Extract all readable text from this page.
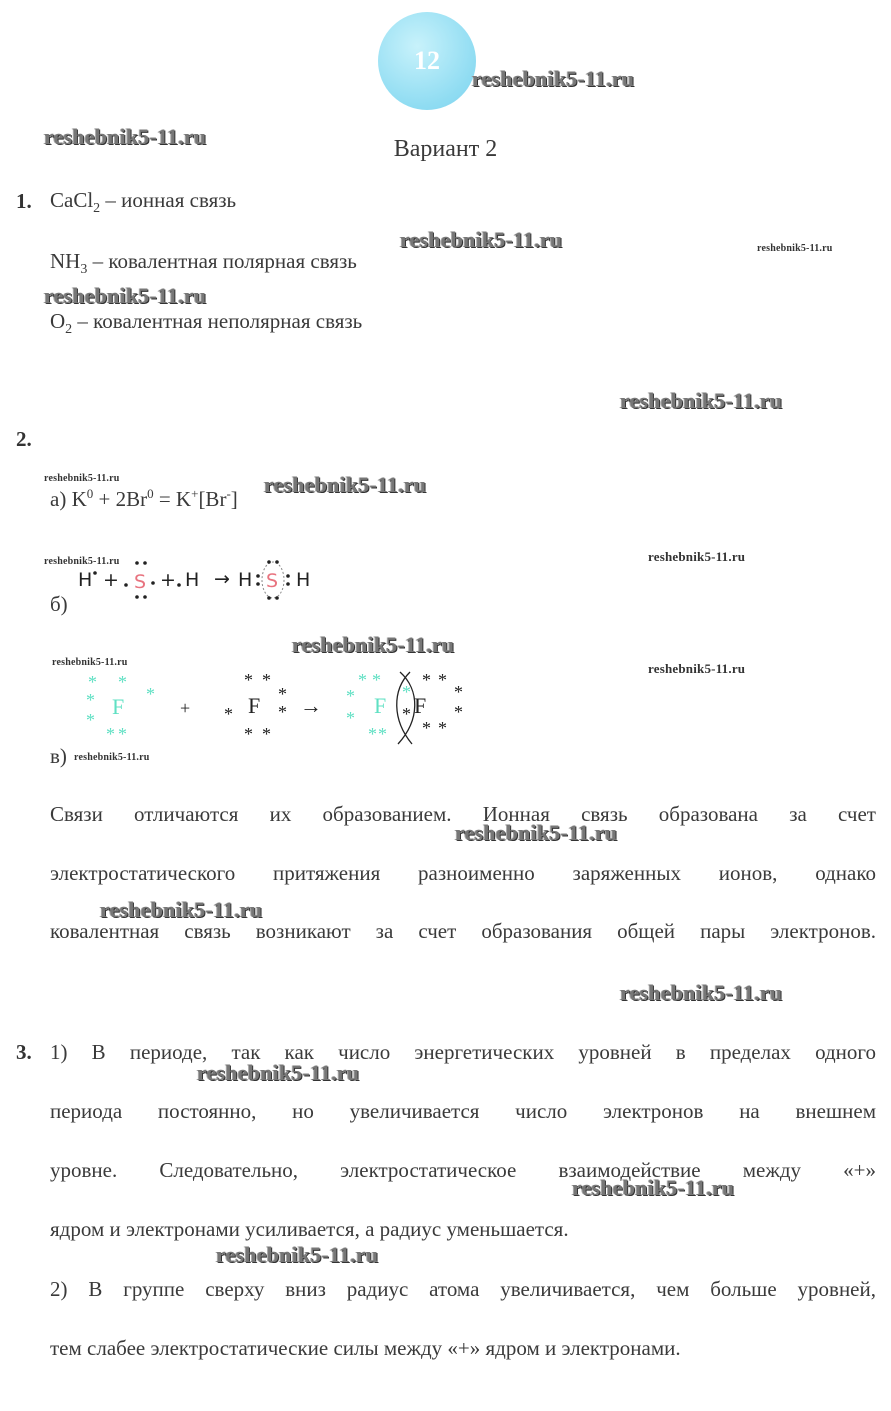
12
Вариант 2
1. CaCl$_2$ – ионная связь
$NH_3$ – ковалентная полярная связь
$O_2$ – ковалентная неполярная связь
2.
а) $K^0 + 2Br^0 = K^+[Br^-]$
H + S + H → H S H
б)
* *
*
*
*
* *
F	+
* *
*
*
*
* *
F →
* *
*
*
* *
*
F *
* *
*
*
* *
F
в)
Связи отличаются их образованием. Ионная связь образована за счет
электростатического притяжения разноименно заряженных ионов, однако
ковалентная связь возникают за счет образования общей пары электронов.
3. 1) В периоде, так как число энергетических уровней в пределах одного
периода постоянно, но увеличивается число электронов на внешнем
уровне. Следовательно, электростатическое взаимодействие между «+»
ядром и электронами усиливается, а радиус уменьшается.
2) В группе сверху вниз радиус атома увеличивается, чем больше уровней,
тем слабее электростатические силы между «+» ядром и электронами.
reshebnik5-11.ru
reshebnik5-11.ru
reshebnik5-11.ru	reshebnik5-11.ru
reshebnik5-11.ru
reshebnik5-11.ru
reshebnik5-11.ru	reshebnik5-11.ru
reshebnik5-11.ru	reshebnik5-11.ru
reshebnik5-11.ru
reshebnik5-11.ru	reshebnik5-11.ru
reshebnik5-11.ru
reshebnik5-11.ru
reshebnik5-11.ru
reshebnik5-11.ru
reshebnik5-11.ru
reshebnik5-11.ru
reshebnik5-11.ru
